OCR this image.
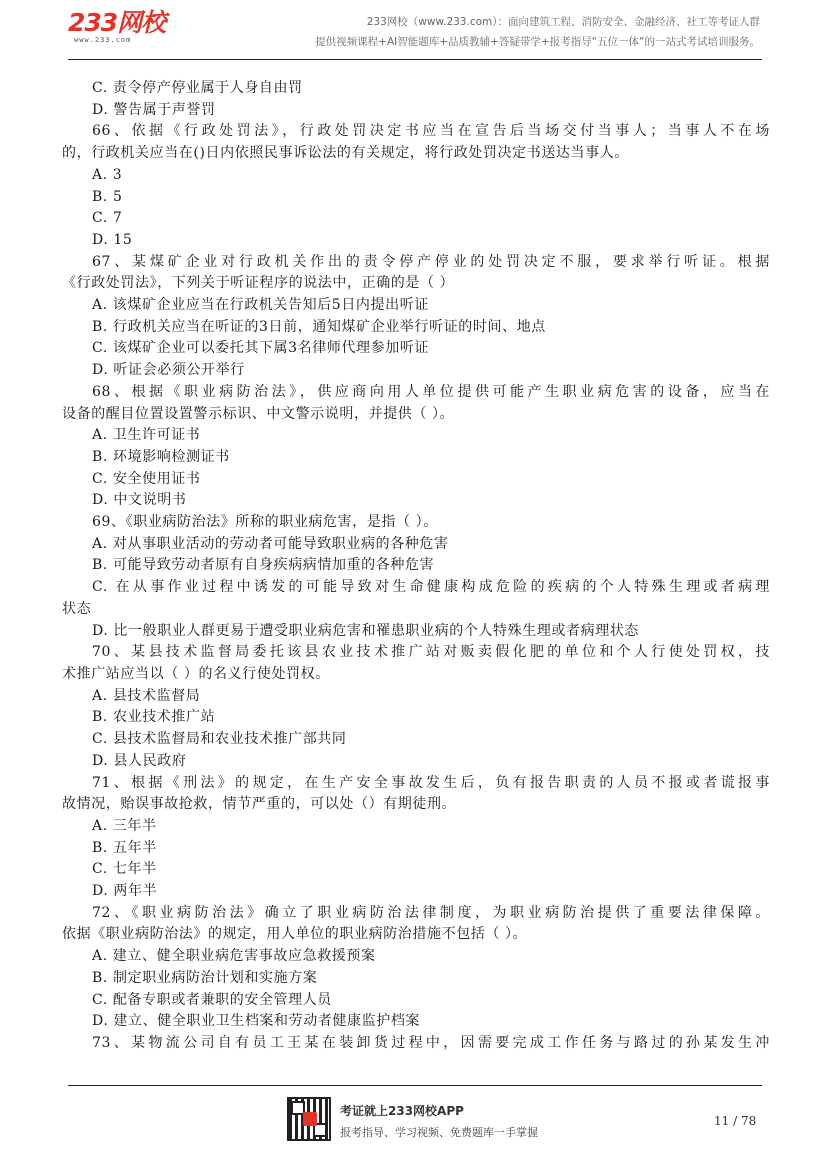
233网校
www.233.com
233网校（www.233.com）：面向建筑工程、消防安全、金融经济、社工等考证人群
提供视频课程+AI智能题库+品质教辅+答疑带学+报考指导“五位一体”的一站式考试培训服务。
C. 责令停产停业属于人身自由罚
D. 警告属于声誉罚
66、依据《行政处罚法》，行政处罚决定书应当在宣告后当场交付当事人；当事人不在场
的，行政机关应当在()日内依照民事诉讼法的有关规定，将行政处罚决定书送达当事人。
A. 3
B. 5
C. 7
D. 15
67、某煤矿企业对行政机关作出的责令停产停业的处罚决定不服，要求举行听证。根据
《行政处罚法》，下列关于听证程序的说法中，正确的是（ ）
A. 该煤矿企业应当在行政机关告知后5日内提出听证
B. 行政机关应当在听证的3日前，通知煤矿企业举行听证的时间、地点
C. 该煤矿企业可以委托其下属3名律师代理参加听证
D. 听证会必须公开举行
68、根据《职业病防治法》，供应商向用人单位提供可能产生职业病危害的设备，应当在
设备的醒目位置设置警示标识、中文警示说明，并提供（ ）。
A. 卫生许可证书
B. 环境影响检测证书
C. 安全使用证书
D. 中文说明书
69、《职业病防治法》所称的职业病危害，是指（ ）。
A. 对从事职业活动的劳动者可能导致职业病的各种危害
B. 可能导致劳动者原有自身疾病病情加重的各种危害
C. 在从事作业过程中诱发的可能导致对生命健康构成危险的疾病的个人特殊生理或者病理
状态
D. 比一般职业人群更易于遭受职业病危害和罹患职业病的个人特殊生理或者病理状态
70、某县技术监督局委托该县农业技术推广站对贩卖假化肥的单位和个人行使处罚权，技
术推广站应当以（ ）的名义行使处罚权。
A. 县技术监督局
B. 农业技术推广站
C. 县技术监督局和农业技术推广部共同
D. 县人民政府
71、根据《刑法》的规定，在生产安全事故发生后，负有报告职责的人员不报或者谎报事
故情况，贻误事故抢救，情节严重的，可以处（）有期徒刑。
A. 三年半
B. 五年半
C. 七年半
D. 两年半
72、《职业病防治法》确立了职业病防治法律制度，为职业病防治提供了重要法律保障。
依据《职业病防治法》的规定，用人单位的职业病防治措施不包括（ ）。
A. 建立、健全职业病危害事故应急救援预案
B. 制定职业病防治计划和实施方案
C. 配备专职或者兼职的安全管理人员
D. 建立、健全职业卫生档案和劳动者健康监护档案
73、某物流公司自有员工王某在装卸货过程中，因需要完成工作任务与路过的孙某发生冲
考证就上233网校APP
报考指导、学习视频、免费题库一手掌握
11 / 78
